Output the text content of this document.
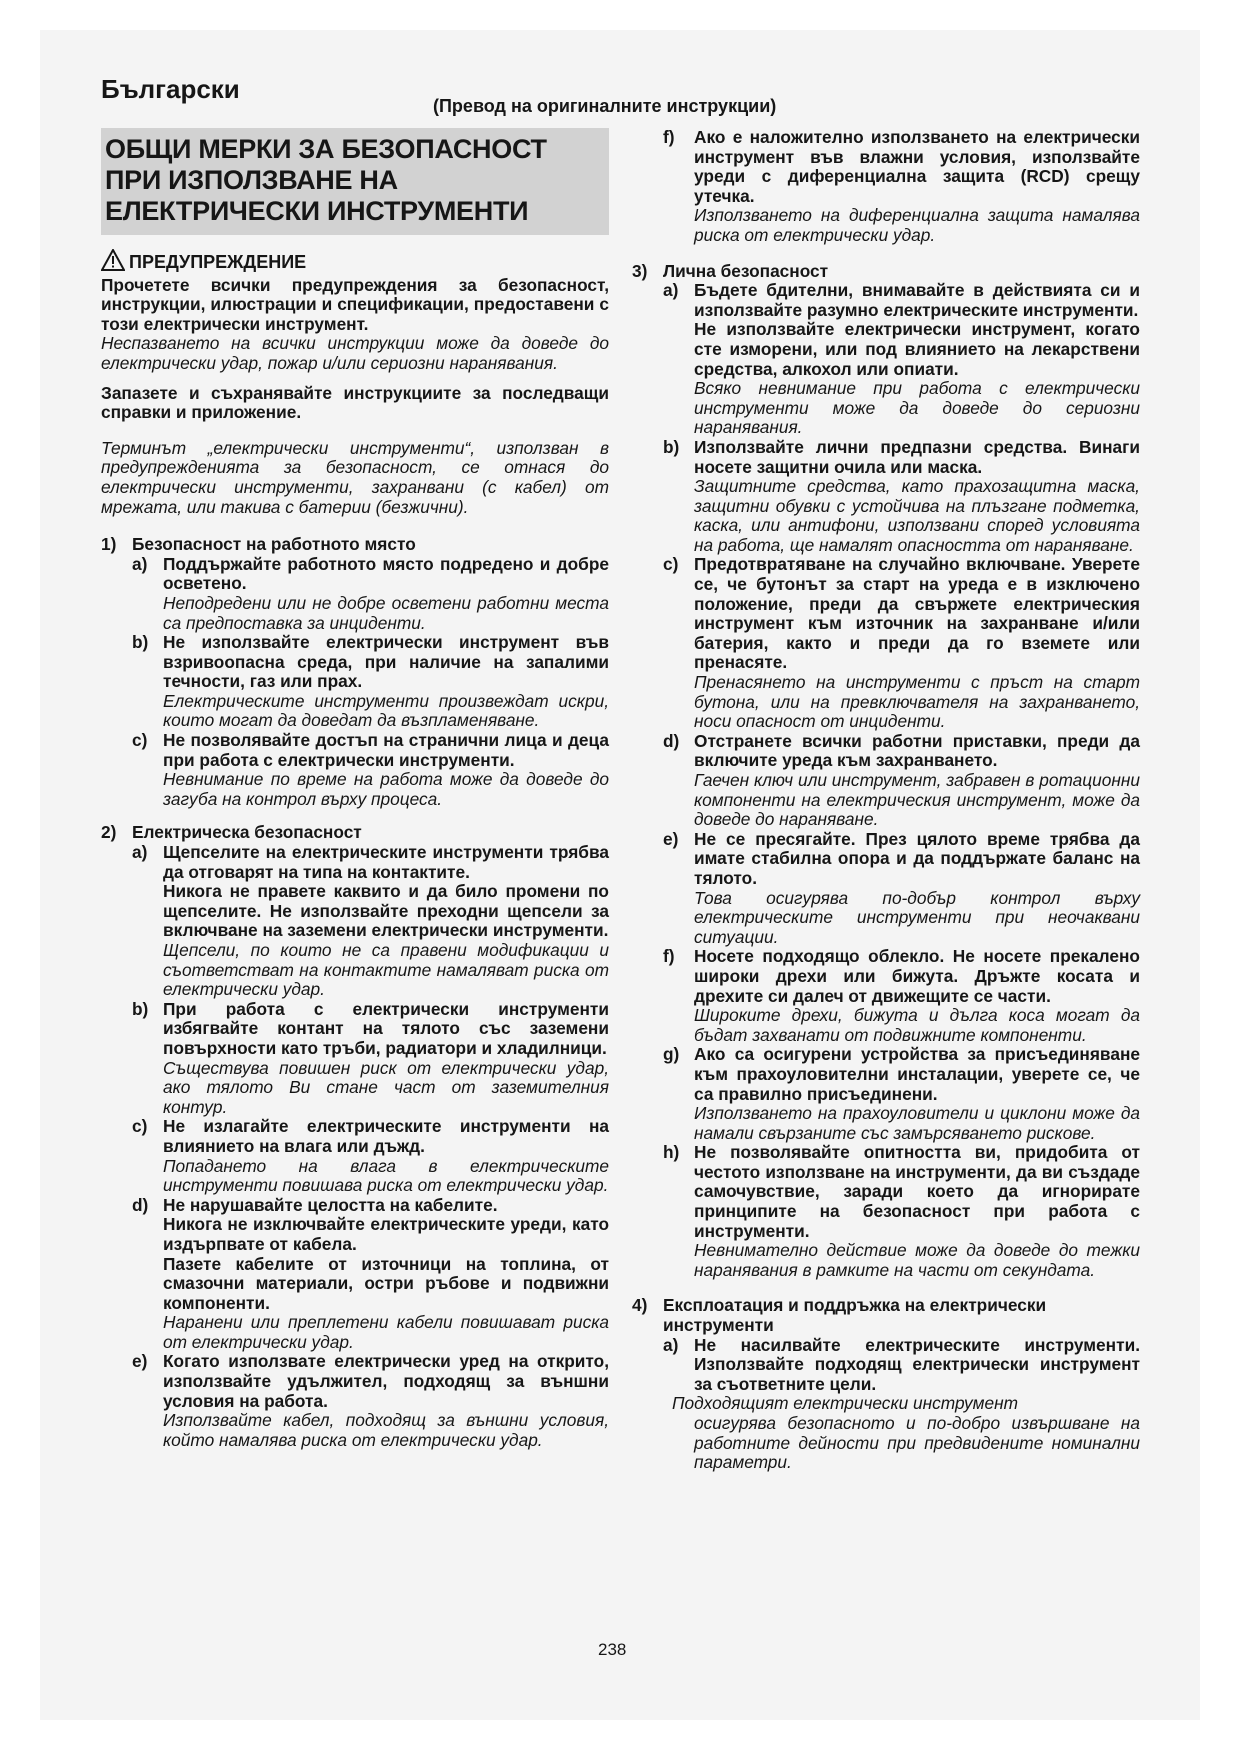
Български
(Превод на оригиналните инструкции)
ОБЩИ МЕРКИ ЗА БЕЗОПАСНОСТ ПРИ ИЗПОЛЗВАНЕ НА ЕЛЕКТРИЧЕСКИ ИНСТРУМЕНТИ
ПРЕДУПРЕЖДЕНИЕ

Прочетете всички предупреждения за безопасност, инструкции, илюстрации и спецификации, предоставени с този електрически инструмент.

Неспазването на всички инструкции може да доведе до електрически удар, пожар и/или сериозни наранявания.

Запазете и съхранявайте инструкциите за последващи справки и приложение.

Терминът „електрически инструменти“, използван в предупрежденията за безопасност, се отнася до електрически инструменти, захранвани (с кабел) от мрежата, или такива с батерии (безжични).

1) Безопасност на работното място
a) Поддържайте работното място подредено и добре осветено.

Неподредени или не добре осветени работни места са предпоставка за инциденти.

b) Не използвайте електрически инструмент във взривоопасна среда, при наличие на запалими течности, газ или прах.

Електрическите инструменти произвеждат искри, които могат да доведат да възпламеняване.

c) Не позволявайте достъп на странични лица и деца при работа с електрически инструменти.

Невнимание по време на работа може да доведе до загуба на контрол върху процеса.

2) Електрическа безопасност
a) Щепселите на електрическите инструменти трябва да отговарят на типа на контактите.

Никога не правете каквито и да било промени по щепселите. Не използвайте преходни щепсели за включване на заземени електрически инструменти.

Щепсели, по които не са правени модификации и съответстват на контактите намаляват риска от електрически удар.

b) При работа с електрически инструменти избягвайте контант на тялото със заземени повърхности като тръби, радиатори и хладилници.

Съществува повишен риск от електрически удар, ако тялото Ви стане част от заземителния контур.

c) Не излагайте електрическите инструменти на влиянието на влага или дъжд.

Попадането на влага в електрическите инструменти повишава риска от електрически удар.

d) Не нарушавайте целостта на кабелите.

Никога не изключвайте електрическите уреди, като издърпвате от кабела.

Пазете кабелите от източници на топлина, от смазочни материали, остри ръбове и подвижни компоненти.

Наранени или преплетени кабели повишават риска от електрически удар.

e) Когато използвате електрически уред на открито, използвайте удължител, подходящ за външни условия на работа.

Използвайте кабел, подходящ за външни условия, който намалява риска от електрически удар.

f)	Ако е наложително използването на електрически инструмент във влажни условия, използвайте уреди с диференциална защита (RCD) срещу утечка.

Използването на диференциална защита намалява риска от електрически удар.

3) Лична безопасност
a) Бъдете бдителни, внимавайте в действията си и използвайте разумно електрическите инструменти.

Не използвайте електрически инструмент, когато сте изморени, или под влиянието на лекарствени средства, алкохол или опиати.

Всяко невнимание при работа с електрически инструменти може да доведе до сериозни наранявания.

b) Използвайте лични предпазни средства. Винаги носете защитни очила или маска.

Защитните средства, като прахозащитна маска, защитни обувки с устойчива на плъзгане подметка, каска, или антифони, използвани според условията на работа, ще намалят опасността от нараняване.

c) Предотвратяване на случайно включване. Уверете се, че бутонът за старт на уреда е в изключено положение, преди да свържете електрическия инструмент към източник на захранване и/или батерия, както и преди да го вземете или пренасяте.

Пренасянето на инструменти с пръст на старт бутона, или на превключвателя на захранването, носи опасност от инциденти.

d) Отстранете всички работни приставки, преди да включите уреда към захранването.

Гаечен ключ или инструмент, забравен в ротационни компоненти на електрическия инструмент, може да доведе до нараняване.

e) Не се пресягайте. През цялото време трябва да имате стабилна опора и да поддържате баланс на тялото.

Това осигурява по-добър контрол върху електрическите инструменти при неочаквани ситуации.

f)	Носете подходящо облекло. Не носете прекалено широки дрехи или бижута. Дръжте косата и дрехите си далеч от движещите се части.

Широките дрехи, бижута и дълга коса могат да бъдат захванати от подвижните компоненти.

g) Ако са осигурени устройства за присъединяване към прахоуловителни инсталации, уверете се, че са правилно присъединени.

Използването на прахоуловители и циклони може да намали свързаните със замърсяването рискове.

h) Не позволявайте опитността ви, придобита от честото използване на инструменти, да ви създаде самочувствие, заради което да игнорирате принципите на безопасност при работа с инструменти.

Невнимателно действие може да доведе до тежки наранявания в рамките на части от секундата.

4) Експлоатация и поддръжка на електрически инструменти
a) Не насилвайте електрическите инструменти. Използвайте подходящ електрически инструмент за съответните цели.

Подходящият електрически инструмент

осигурява безопасното и по-добро извършване на работните дейности при предвидените номинални параметри.

238
